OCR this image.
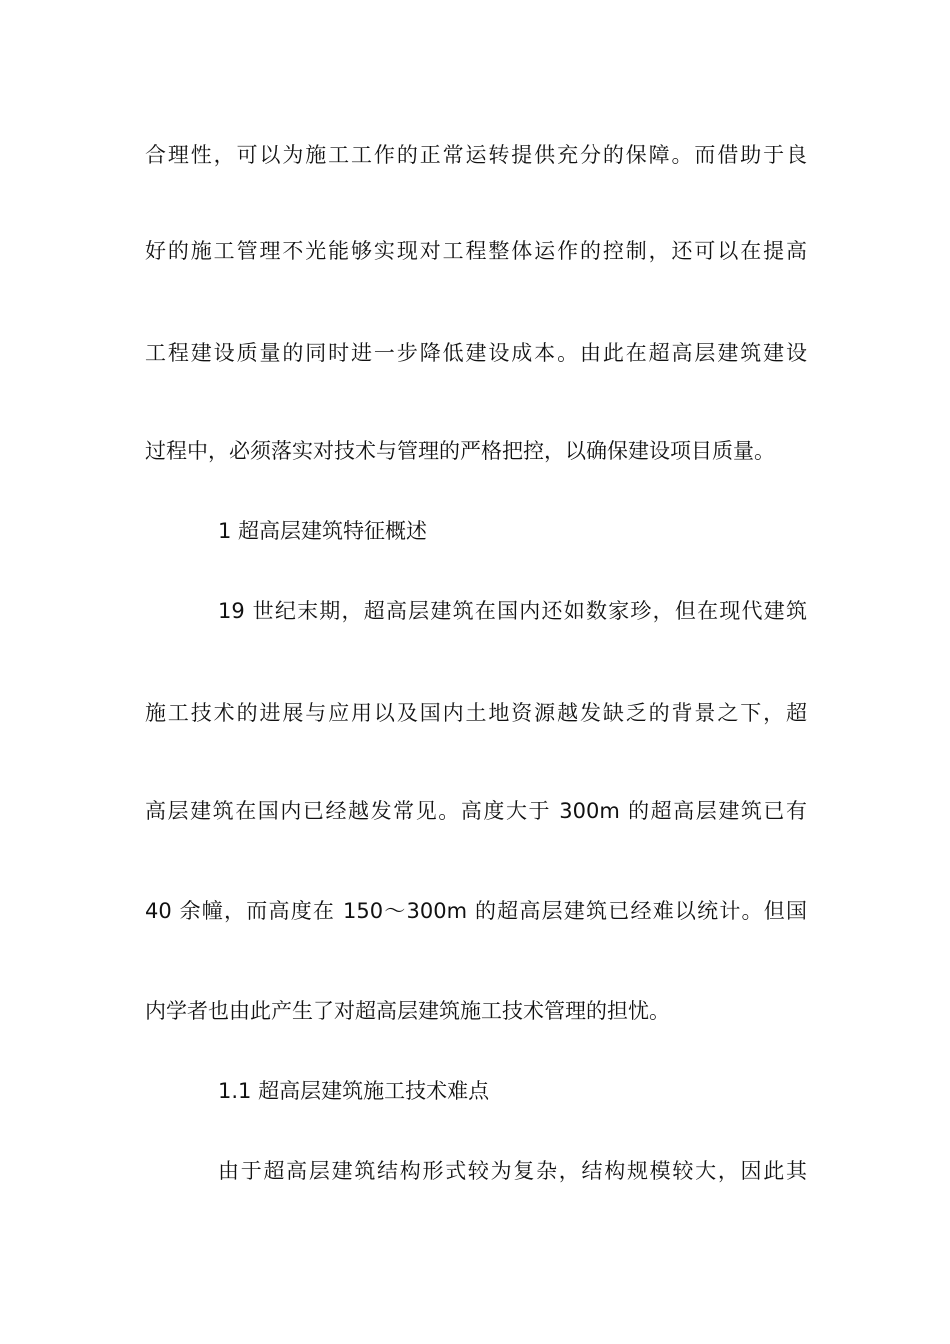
合理性，可以为施工工作的正常运转提供充分的保障。而借助于良
好的施工管理不光能够实现对工程整体运作的控制，还可以在提高
工程建设质量的同时进一步降低建设成本。由此在超高层建筑建设
过程中，必须落实对技术与管理的严格把控，以确保建设项目质量。
1 超高层建筑特征概述
19 世纪末期，超高层建筑在国内还如数家珍，但在现代建筑
施工技术的进展与应用以及国内土地资源越发缺乏的背景之下，超
高层建筑在国内已经越发常见。高度大于 300m 的超高层建筑已有
40 余幢，而高度在 150～300m 的超高层建筑已经难以统计。但国
内学者也由此产生了对超高层建筑施工技术管理的担忧。
1.1 超高层建筑施工技术难点
由于超高层建筑结构形式较为复杂，结构规模较大，因此其
